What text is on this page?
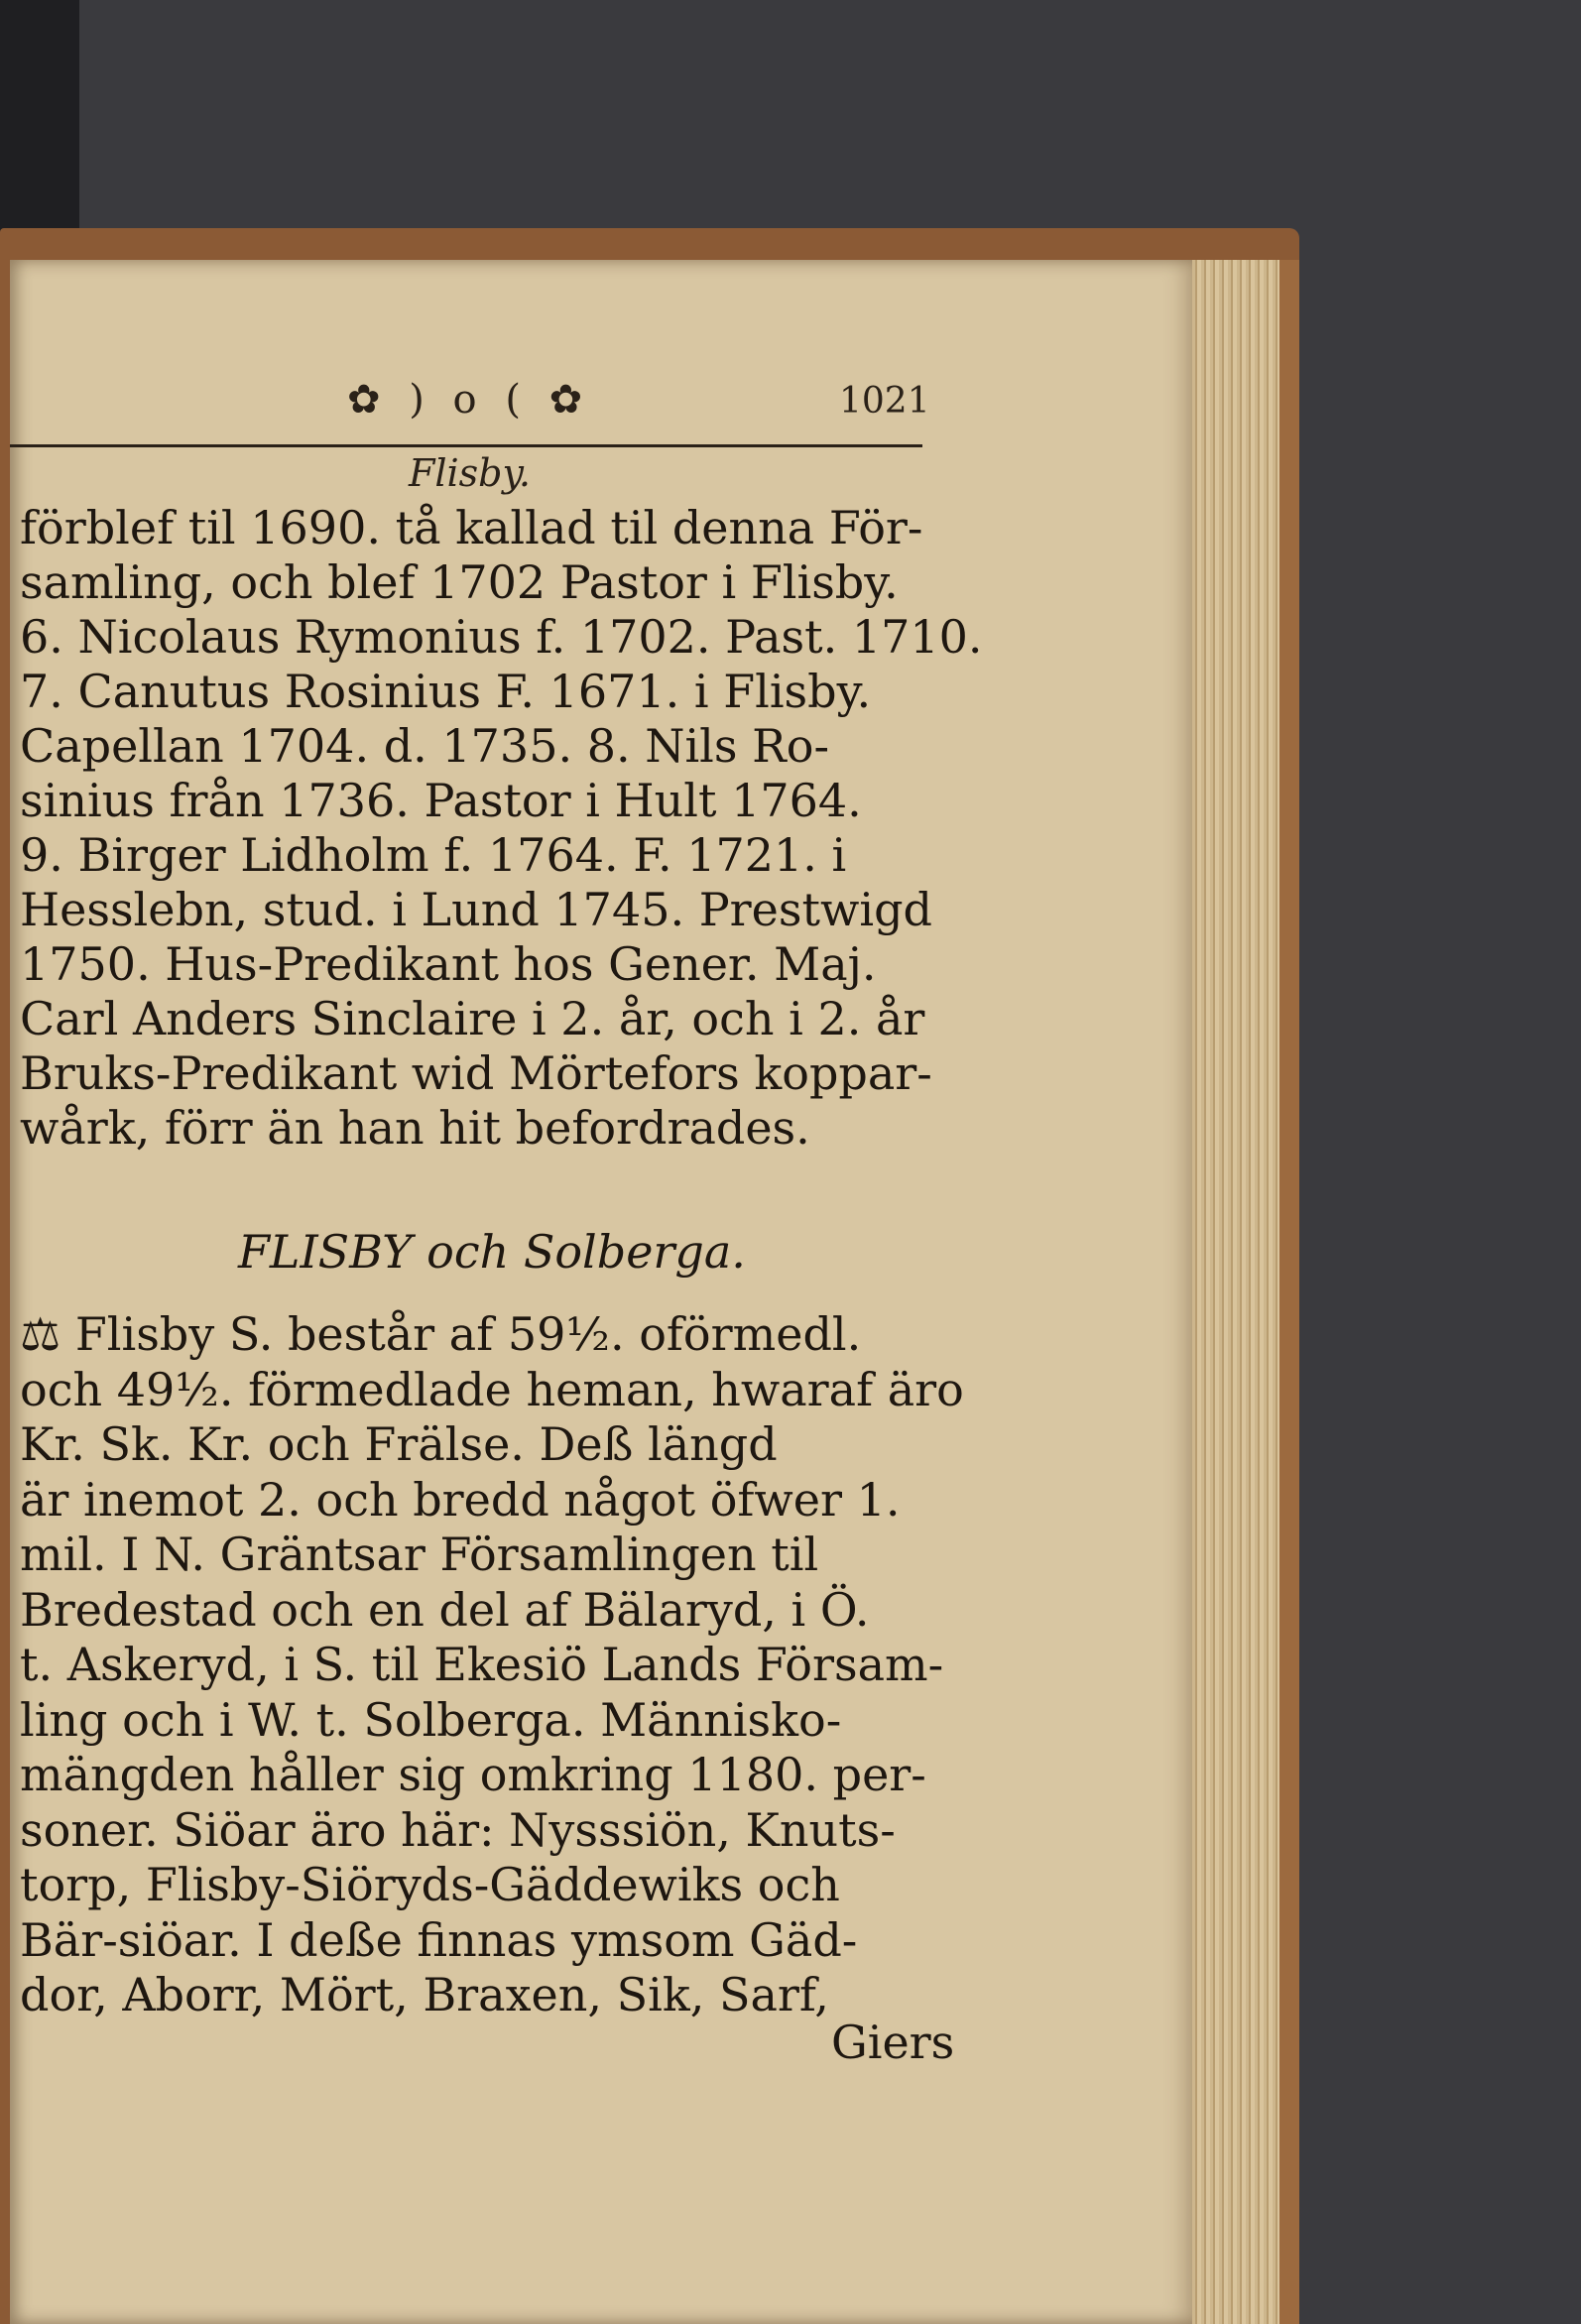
✿ ) o ( ✿	1021
Flisby.
förblef til 1690. tå kallad til denna För-
samling, och blef 1702 Pastor i Flisby.
6. Nicolaus Rymonius f. 1702. Past. 1710.
7. Canutus Rosinius F. 1671. i Flisby.
Capellan 1704. d. 1735. 8. Nils Ro-
sinius från 1736. Pastor i Hult 1764.
9. Birger Lidholm f. 1764. F. 1721. i
Hesslebn, stud. i Lund 1745. Prestwigd
1750. Hus-Predikant hos Gener. Maj.
Carl Anders Sinclaire i 2. år, och i 2. år
Bruks-Predikant wid Mörtefors koppar-
wårk, förr än han hit befordrades.
FLISBY och Solberga.
⚖ Flisby S. består af 59½. oförmedl.
och 49½. förmedlade heman, hwaraf äro
Kr. Sk. Kr. och Frälse. Deß längd
är inemot 2. och bredd något öfwer 1.
mil. I N. Gräntsar Församlingen til
Bredestad och en del af Bälaryd, i Ö.
t. Askeryd, i S. til Ekesiö Lands Försam-
ling och i W. t. Solberga. Människo-
mängden håller sig omkring 1180. per-
soner. Siöar äro här: Nysssiön, Knuts-
torp, Flisby-Siöryds-Gäddewiks och
Bär-siöar. I deße finnas ymsom Gäd-
dor, Aborr, Mört, Braxen, Sik, Sarf,
Giers
